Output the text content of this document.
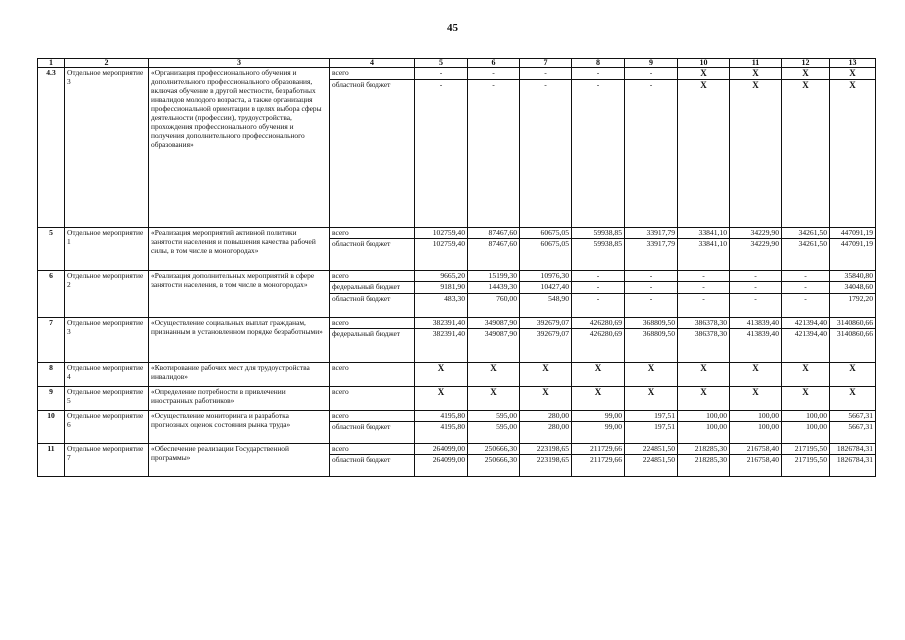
45
1	2	3	4	5	6	7	8	9	10	11	12	13
4.3	Отдельное мероприятие 3	«Организация профессионального обучения и дополнительного профессионального образования, включая обучение в другой местности, безработных инвалидов молодого возраста, а также организация профессиональной ориентации в целях выбора сферы деятельности (профессии), трудоустройства, прохождения профессионального обучения и получения дополнительного профессионального образования»	всего	-	-	-	-	-	X	X	X	X
			областной бюджет	-	-	-	-	-	X	X	X	X
5	Отдельное мероприятие 1	«Реализация мероприятий активной политики занятости населения и повышения качества рабочей силы, в том числе в моногородах»	всего	102759,40	87467,60	60675,05	59938,85	33917,79	33841,10	34229,90	34261,50	447091,19
			областной бюджет	102759,40	87467,60	60675,05	59938,85	33917,79	33841,10	34229,90	34261,50	447091,19
6	Отдельное мероприятие 2	«Реализация дополнительных мероприятий в сфере занятости населения, в том числе в моногородах»	всего	9665,20	15199,30	10976,30	-	-	-	-	-	35840,80
			федеральный бюджет	9181,90	14439,30	10427,40	-	-	-	-	-	34048,60
			областной бюджет	483,30	760,00	548,90	-	-	-	-	-	1792,20
7	Отдельное мероприятие 3	«Осуществление социальных выплат гражданам, признанным в установленном порядке безработными»	всего	382391,40	349087,90	392679,07	426280,69	368809,50	386378,30	413839,40	421394,40	3140860,66
			федеральный бюджет	382391,40	349087,90	392679,07	426280,69	368809,50	386378,30	413839,40	421394,40	3140860,66
8	Отдельное мероприятие 4	«Квотирование рабочих мест для трудоустройства инвалидов»	всего	X	X	X	X	X	X	X	X	X
9	Отдельное мероприятие 5	«Определение потребности в привлечении иностранных работников»	всего	X	X	X	X	X	X	X	X	X
10	Отдельное мероприятие 6	«Осуществление мониторинга и разработка прогнозных оценок состояния рынка труда»	всего	4195,80	595,00	280,00	99,00	197,51	100,00	100,00	100,00	5667,31
			областной бюджет	4195,80	595,00	280,00	99,00	197,51	100,00	100,00	100,00	5667,31
11	Отдельное мероприятие 7	«Обеспечение реализации Государственной программы»	всего	264099,00	250666,30	223198,65	211729,66	224851,50	218285,30	216758,40	217195,50	1826784,31
			областной бюджет	264099,00	250666,30	223198,65	211729,66	224851,50	218285,30	216758,40	217195,50	1826784,31
